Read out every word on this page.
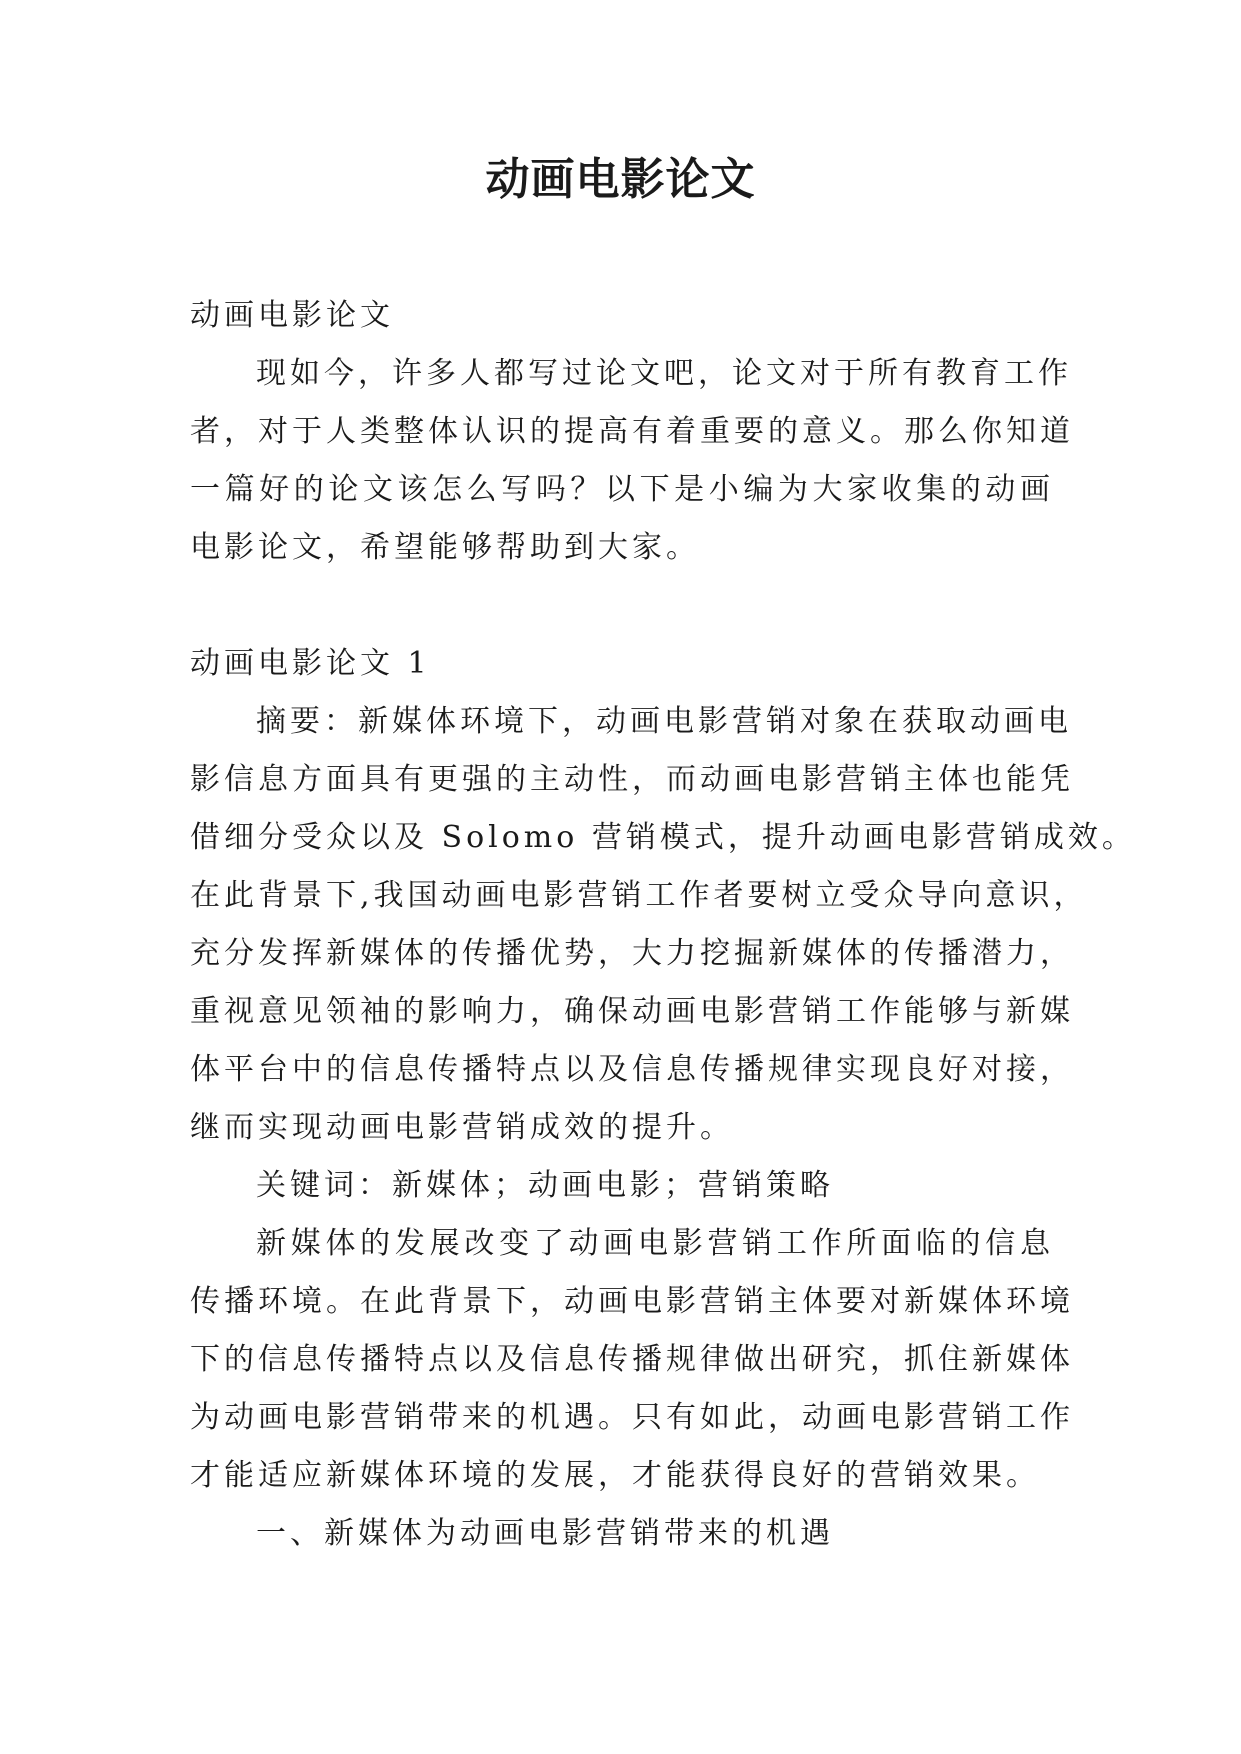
动画电影论文
动画电影论文
现如今，许多人都写过论文吧，论文对于所有教育工作
者，对于人类整体认识的提高有着重要的意义。那么你知道
一篇好的论文该怎么写吗？以下是小编为大家收集的动画
电影论文，希望能够帮助到大家。
动画电影论文 1
摘要：新媒体环境下，动画电影营销对象在获取动画电
影信息方面具有更强的主动性，而动画电影营销主体也能凭
借细分受众以及 Solomo 营销模式，提升动画电影营销成效。
在此背景下,我国动画电影营销工作者要树立受众导向意识，
充分发挥新媒体的传播优势，大力挖掘新媒体的传播潜力，
重视意见领袖的影响力，确保动画电影营销工作能够与新媒
体平台中的信息传播特点以及信息传播规律实现良好对接，
继而实现动画电影营销成效的提升。
关键词：新媒体；动画电影；营销策略
新媒体的发展改变了动画电影营销工作所面临的信息
传播环境。在此背景下，动画电影营销主体要对新媒体环境
下的信息传播特点以及信息传播规律做出研究，抓住新媒体
为动画电影营销带来的机遇。只有如此，动画电影营销工作
才能适应新媒体环境的发展，才能获得良好的营销效果。
一、新媒体为动画电影营销带来的机遇
